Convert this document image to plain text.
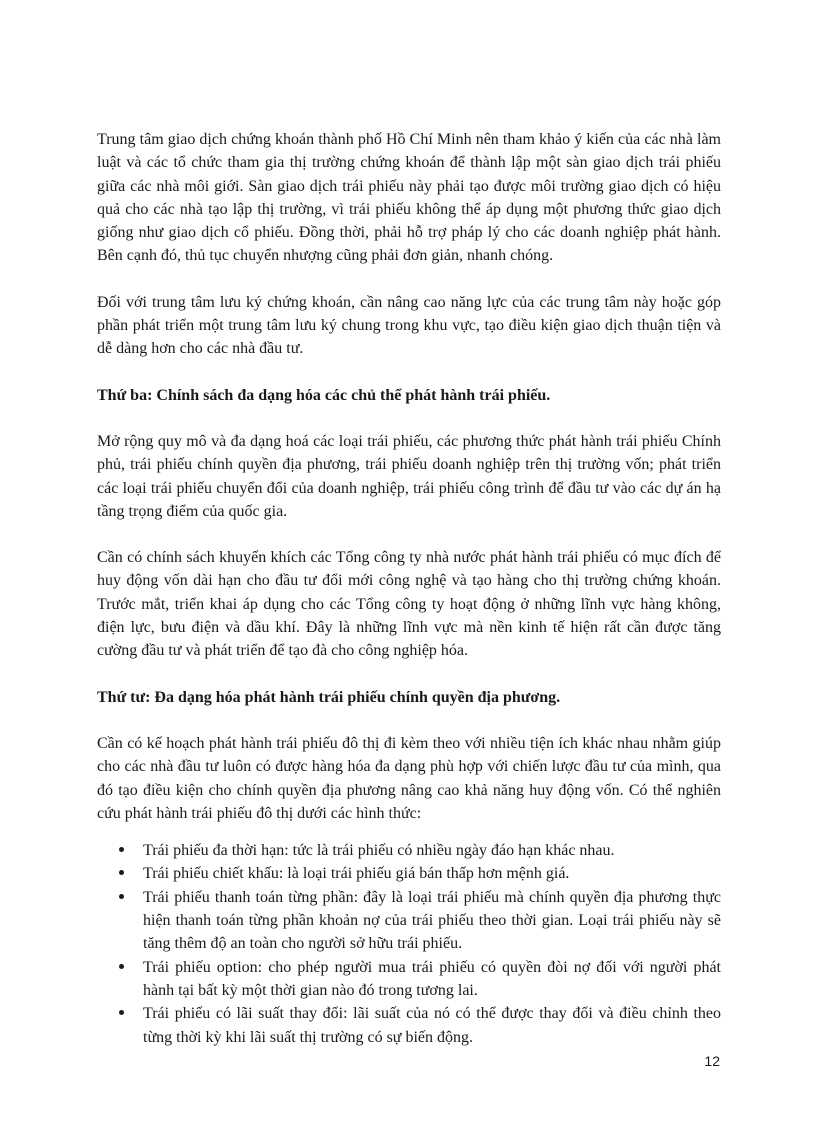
Trung tâm giao dịch chứng khoán thành phố Hồ Chí Minh nên tham khảo ý kiến của các nhà làm luật và các tổ chức tham gia thị trường chứng khoán để thành lập một sàn giao dịch trái phiếu giữa các nhà môi giới. Sàn giao dịch trái phiếu này phải tạo được môi trường giao dịch có hiệu quả cho các nhà tạo lập thị trường, vì trái phiếu không thể áp dụng một phương thức giao dịch giống như giao dịch cổ phiếu. Đồng thời, phải hỗ trợ pháp lý cho các doanh nghiệp phát hành. Bên cạnh đó, thủ tục chuyển nhượng cũng phải đơn giản, nhanh chóng.

Đối với trung tâm lưu ký chứng khoán, cần nâng cao năng lực của các trung tâm này hoặc góp phần phát triển một trung tâm lưu ký chung trong khu vực, tạo điều kiện giao dịch thuận tiện và dễ dàng hơn cho các nhà đầu tư.

Thứ ba: Chính sách đa dạng hóa các chủ thể phát hành trái phiếu.

Mở rộng quy mô và đa dạng hoá các loại trái phiếu, các phương thức phát hành trái phiếu Chính phủ, trái phiếu chính quyền địa phương, trái phiếu doanh nghiệp trên thị trường vốn; phát triển các loại trái phiếu chuyển đổi của doanh nghiệp, trái phiếu công trình để đầu tư vào các dự án hạ tầng trọng điểm của quốc gia.

Cần có chính sách khuyến khích các Tổng công ty nhà nước phát hành trái phiếu có mục đích để huy động vốn dài hạn cho đầu tư đổi mới công nghệ và tạo hàng cho thị trường chứng khoán. Trước mắt, triển khai áp dụng cho các Tổng công ty hoạt động ở những lĩnh vực hàng không, điện lực, bưu điện và dầu khí. Đây là những lĩnh vực mà nền kinh tế hiện rất cần được tăng cường đầu tư và phát triển để tạo đà cho công nghiệp hóa.

Thứ tư: Đa dạng hóa phát hành trái phiếu chính quyền địa phương.

Cần có kế hoạch phát hành trái phiếu đô thị đi kèm theo với nhiều tiện ích khác nhau nhằm giúp cho các nhà đầu tư luôn có được hàng hóa đa dạng phù hợp với chiến lược đầu tư của mình, qua đó tạo điều kiện cho chính quyền địa phương nâng cao khả năng huy động vốn. Có thể nghiên cứu phát hành trái phiếu đô thị dưới các hình thức:

Trái phiếu đa thời hạn: tức là trái phiếu có nhiều ngày đáo hạn khác nhau.
Trái phiếu chiết khấu: là loại trái phiếu giá bán thấp hơn mệnh giá.
Trái phiếu thanh toán từng phần: đây là loại trái phiếu mà chính quyền địa phương thực hiện thanh toán từng phần khoản nợ của trái phiếu theo thời gian. Loại trái phiếu này sẽ tăng thêm độ an toàn cho người sở hữu trái phiếu.
Trái phiếu option: cho phép người mua trái phiếu có quyền đòi nợ đối với người phát hành tại bất kỳ một thời gian nào đó trong tương lai.
Trái phiếu có lãi suất thay đổi: lãi suất của nó có thể được thay đổi và điều chỉnh theo từng thời kỳ khi lãi suất thị trường có sự biến động.
12
